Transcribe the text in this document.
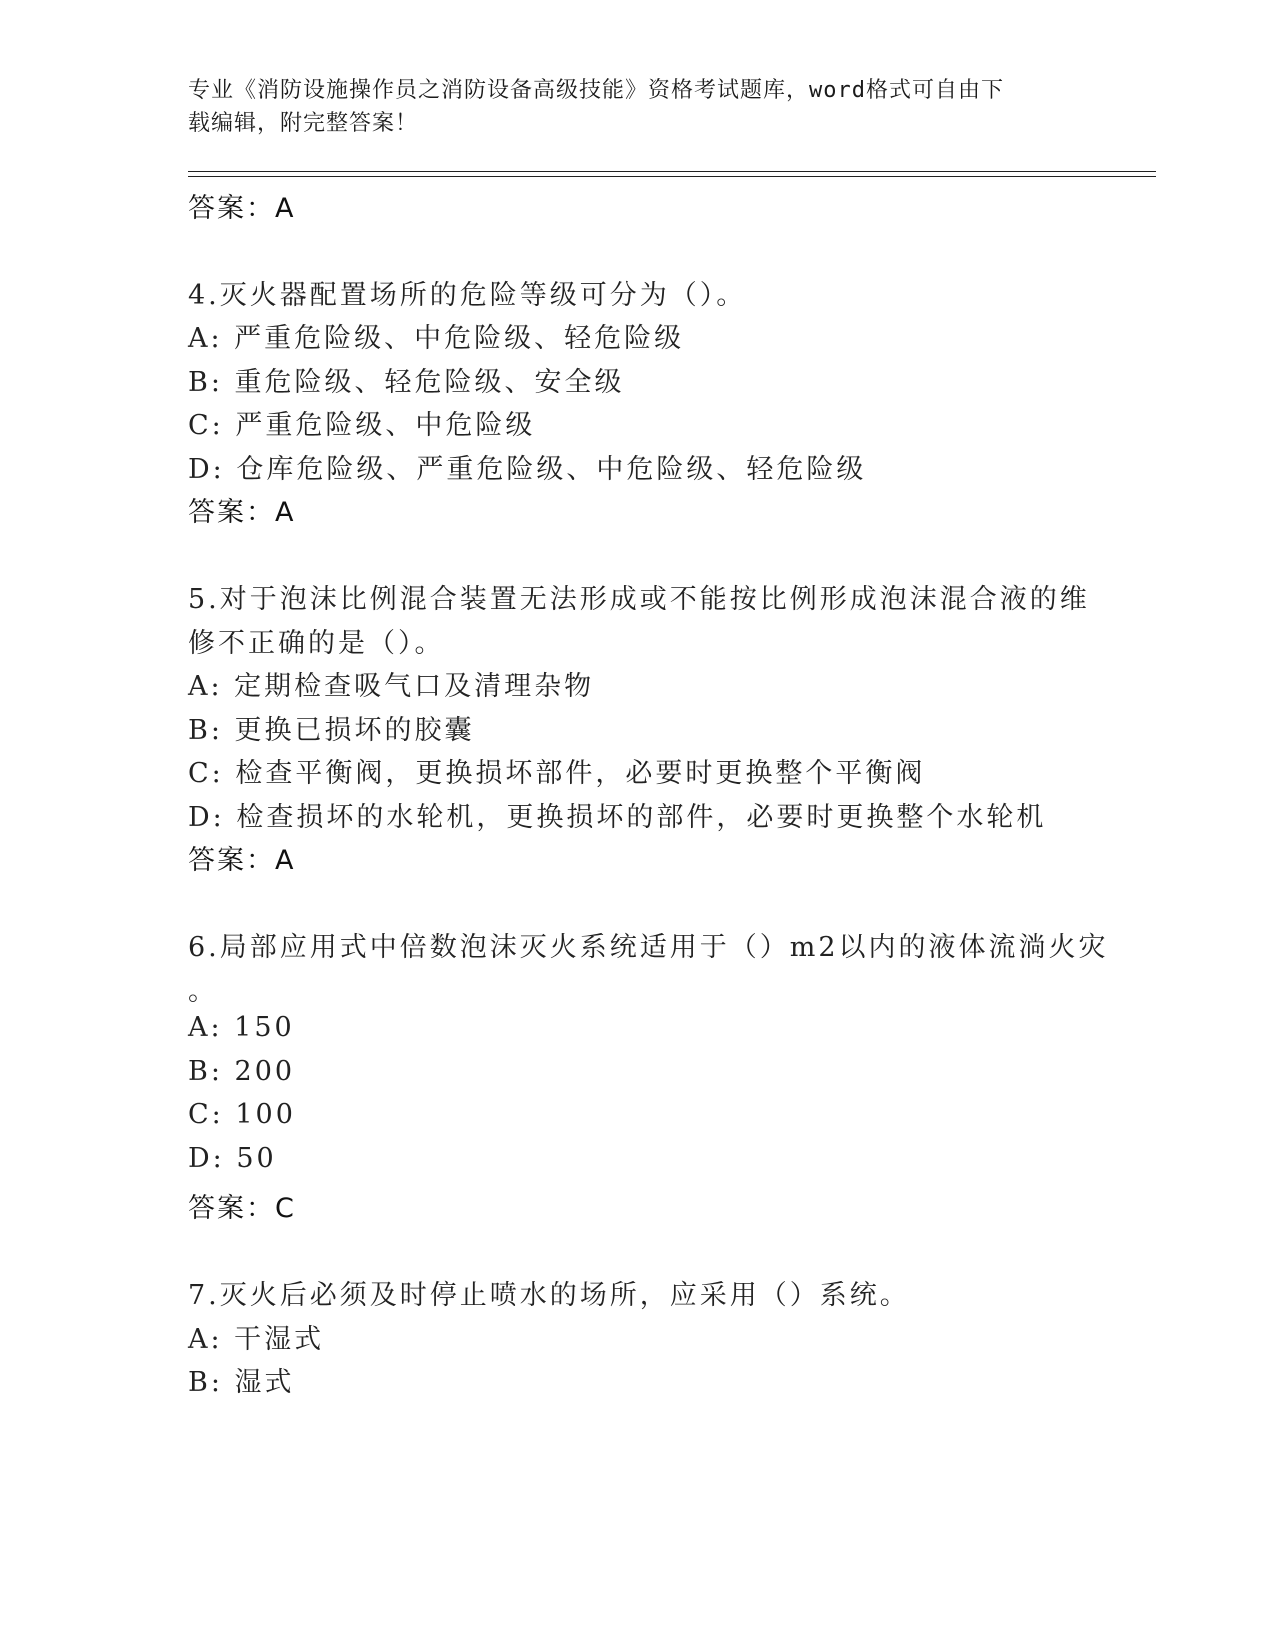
专业《消防设施操作员之消防设备高级技能》资格考试题库，word格式可自由下
载编辑，附完整答案！
答案：A
4.灭火器配置场所的危险等级可分为（）。
A: 严重危险级、中危险级、轻危险级
B: 重危险级、轻危险级、安全级
C: 严重危险级、中危险级
D: 仓库危险级、严重危险级、中危险级、轻危险级
答案：A
5.对于泡沫比例混合装置无法形成或不能按比例形成泡沫混合液的维
修不正确的是（）。
A: 定期检查吸气口及清理杂物
B: 更换已损坏的胶囊
C: 检查平衡阀，更换损坏部件，必要时更换整个平衡阀
D: 检查损坏的水轮机，更换损坏的部件，必要时更换整个水轮机
答案：A
6.局部应用式中倍数泡沫灭火系统适用于（）m2以内的液体流淌火灾
。
A: 150
B: 200
C: 100
D: 50
答案：C
7.灭火后必须及时停止喷水的场所，应采用（）系统。
A: 干湿式
B: 湿式
